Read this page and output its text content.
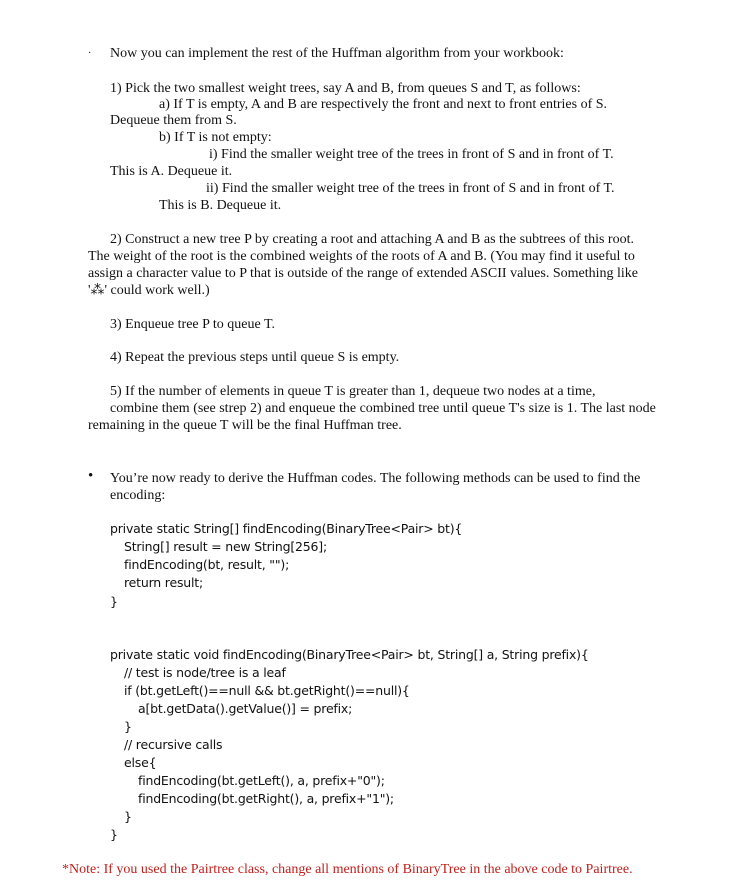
· Now you can implement the rest of the Huffman algorithm from your workbook:
1) Pick the two smallest weight trees, say A and B, from queues S and T, as follows:
a) If T is empty, A and B are respectively the front and next to front entries of S.
Dequeue them from S.
b) If T is not empty:
i) Find the smaller weight tree of the trees in front of S and in front of T.
This is A. Dequeue it.
ii) Find the smaller weight tree of the trees in front of S and in front of T.
This is B. Dequeue it.
2) Construct a new tree P by creating a root and attaching A and B as the subtrees of this root.
The weight of the root is the combined weights of the roots of A and B. (You may find it useful to
assign a character value to P that is outside of the range of extended ASCII values. Something like
'⁂' could work well.)
3) Enqueue tree P to queue T.
4) Repeat the previous steps until queue S is empty.
5) If the number of elements in queue T is greater than 1, dequeue two nodes at a time,
combine them (see strep 2) and enqueue the combined tree until queue T's size is 1. The last node
remaining in the queue T will be the final Huffman tree.
• You’re now ready to derive the Huffman codes. The following methods can be used to find the
encoding:
private static String[] findEncoding(BinaryTree<Pair> bt){
String[] result = new String[256];
findEncoding(bt, result, "");
return result;
}
private static void findEncoding(BinaryTree<Pair> bt, String[] a, String prefix){
// test is node/tree is a leaf
if (bt.getLeft()==null && bt.getRight()==null){
a[bt.getData().getValue()] = prefix;
}
// recursive calls
else{
findEncoding(bt.getLeft(), a, prefix+"0");
findEncoding(bt.getRight(), a, prefix+"1");
}
}
*Note: If you used the Pairtree class, change all mentions of BinaryTree in the above code to Pairtree.
